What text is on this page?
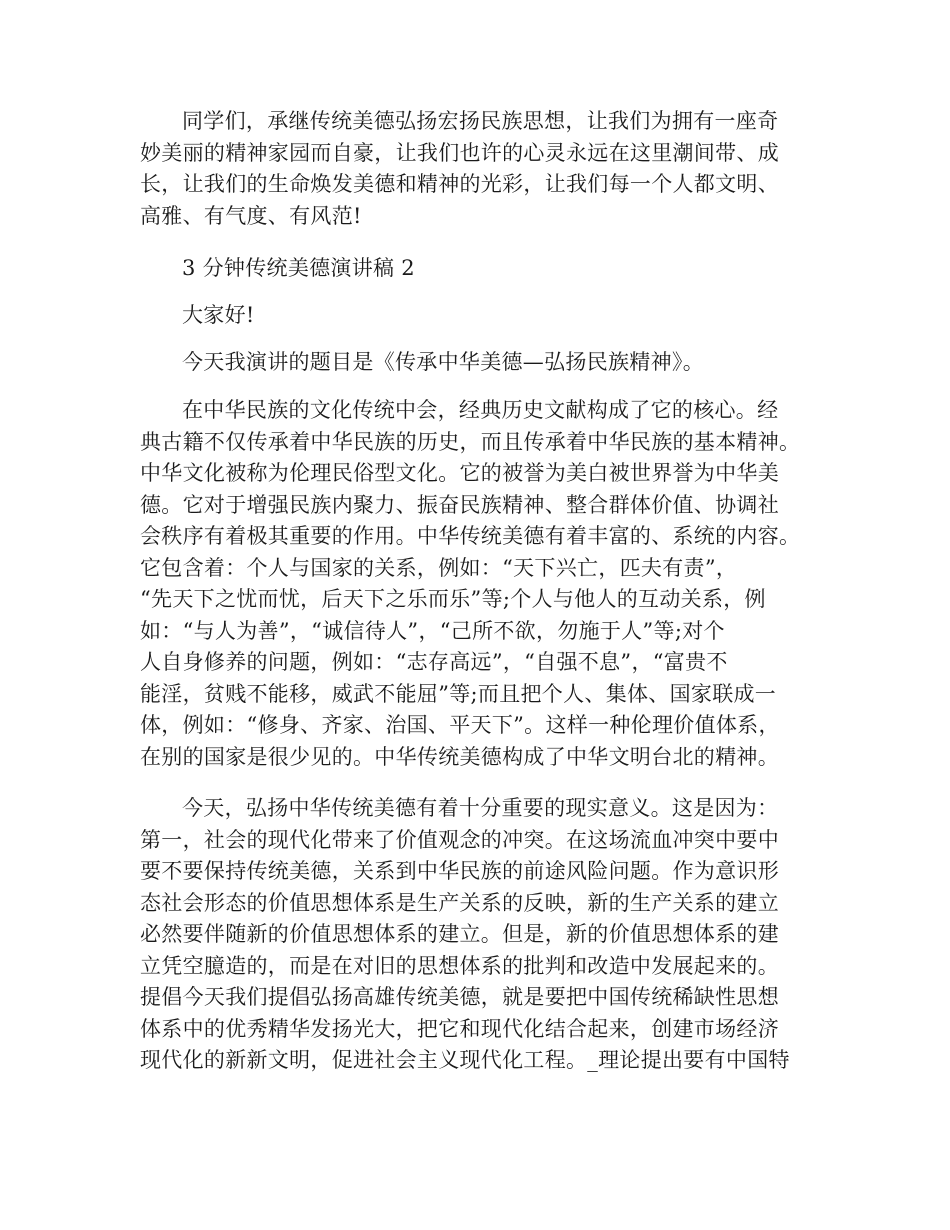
同学们，承继传统美德弘扬宏扬民族思想，让我们为拥有一座奇
妙美丽的精神家园而自豪，让我们也许的心灵永远在这里潮间带、成
长，让我们的生命焕发美德和精神的光彩，让我们每一个人都文明、
高雅、有气度、有风范!
3 分钟传统美德演讲稿 2
大家好!
今天我演讲的题目是《传承中华美德—弘扬民族精神》。
在中华民族的文化传统中会，经典历史文献构成了它的核心。经
典古籍不仅传承着中华民族的历史，而且传承着中华民族的基本精神。
中华文化被称为伦理民俗型文化。它的被誉为美白被世界誉为中华美
德。它对于增强民族内聚力、振奋民族精神、整合群体价值、协调社
会秩序有着极其重要的作用。中华传统美德有着丰富的、系统的内容。
它包含着：个人与国家的关系，例如：“天下兴亡，匹夫有责”，
“先天下之忧而忧，后天下之乐而乐”等;个人与他人的互动关系，例
如：“与人为善”，“诚信待人”，“己所不欲，勿施于人”等;对个
人自身修养的问题，例如：“志存高远”，“自强不息”，“富贵不
能淫，贫贱不能移，威武不能屈”等;而且把个人、集体、国家联成一
体，例如：“修身、齐家、治国、平天下”。这样一种伦理价值体系，
在别的国家是很少见的。中华传统美德构成了中华文明台北的精神。
今天，弘扬中华传统美德有着十分重要的现实意义。这是因为：
第一，社会的现代化带来了价值观念的冲突。在这场流血冲突中要中
要不要保持传统美德，关系到中华民族的前途风险问题。作为意识形
态社会形态的价值思想体系是生产关系的反映，新的生产关系的建立
必然要伴随新的价值思想体系的建立。但是，新的价值思想体系的建
立凭空臆造的，而是在对旧的思想体系的批判和改造中发展起来的。
提倡今天我们提倡弘扬高雄传统美德，就是要把中国传统稀缺性思想
体系中的优秀精华发扬光大，把它和现代化结合起来，创建市场经济
现代化的新新文明，促进社会主义现代化工程。_理论提出要有中国特
